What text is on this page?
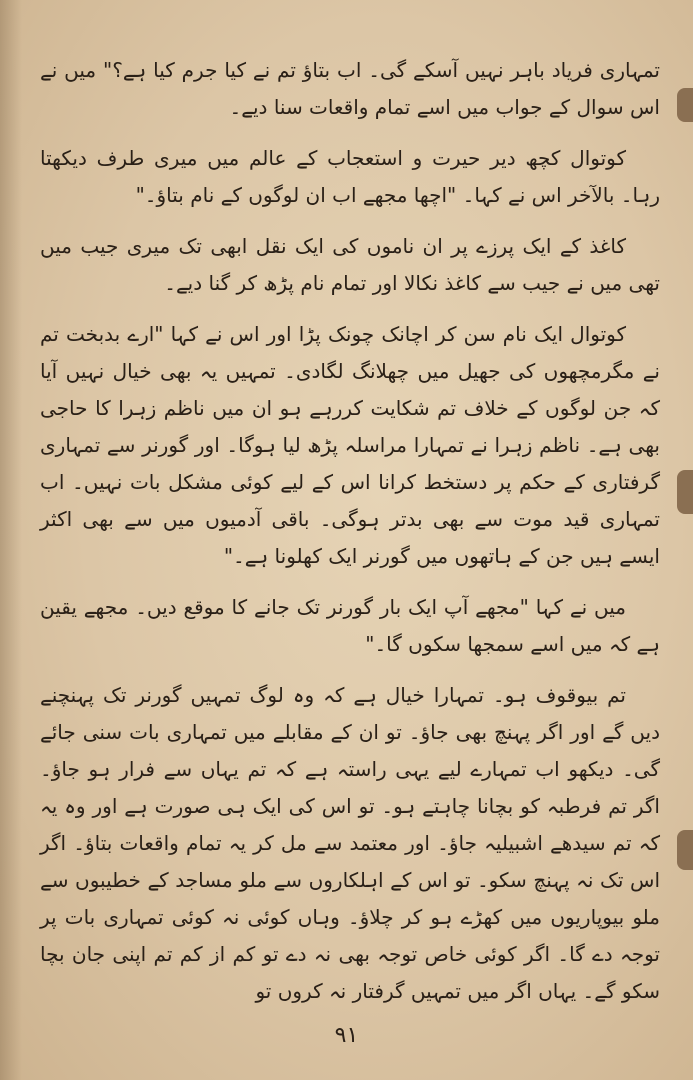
تمہاری فریاد باہر نہیں آسکے گی۔ اب بتاؤ تم نے کیا جرم کیا ہے؟" میں نے اس سوال کے جواب میں اسے تمام واقعات سنا دیے۔

کوتوال کچھ دیر حیرت و استعجاب کے عالم میں میری طرف دیکھتا رہا۔ بالآخر اس نے کہا۔ "اچھا مجھے اب ان لوگوں کے نام بتاؤ۔"

کاغذ کے ایک پرزے پر ان ناموں کی ایک نقل ابھی تک میری جیب میں تھی میں نے جیب سے کاغذ نکالا اور تمام نام پڑھ کر گنا دیے۔

کوتوال ایک نام سن کر اچانک چونک پڑا اور اس نے کہا "ارے بدبخت تم نے مگرمچھوں کی جھیل میں چھلانگ لگادی۔ تمہیں یہ بھی خیال نہیں آیا کہ جن لوگوں کے خلاف تم شکایت کررہے ہو ان میں ناظم زہرا کا حاجی بھی ہے۔ ناظم زہرا نے تمہارا مراسلہ پڑھ لیا ہوگا۔ اور گورنر سے تمہاری گرفتاری کے حکم پر دستخط کرانا اس کے لیے کوئی مشکل بات نہیں۔ اب تمہاری قید موت سے بھی بدتر ہوگی۔ باقی آدمیوں میں سے بھی اکثر ایسے ہیں جن کے ہاتھوں میں گورنر ایک کھلونا ہے۔"

میں نے کہا "مجھے آپ ایک بار گورنر تک جانے کا موقع دیں۔ مجھے یقین ہے کہ میں اسے سمجھا سکوں گا۔"

تم بیوقوف ہو۔ تمہارا خیال ہے کہ وہ لوگ تمہیں گورنر تک پہنچنے دیں گے اور اگر پہنچ بھی جاؤ۔ تو ان کے مقابلے میں تمہاری بات سنی جائے گی۔ دیکھو اب تمہارے لیے یہی راستہ ہے کہ تم یہاں سے فرار ہو جاؤ۔ اگر تم فرطبہ کو بچانا چاہتے ہو۔ تو اس کی ایک ہی صورت ہے اور وہ یہ کہ تم سیدھے اشبیلیہ جاؤ۔ اور معتمد سے مل کر یہ تمام واقعات بتاؤ۔ اگر اس تک نہ پہنچ سکو۔ تو اس کے اہلکاروں سے ملو مساجد کے خطیبوں سے ملو بیوپاریوں میں کھڑے ہو کر چلاؤ۔ وہاں کوئی نہ کوئی تمہاری بات پر توجہ دے گا۔ اگر کوئی خاص توجہ بھی نہ دے تو کم از کم تم اپنی جان بچا سکو گے۔ یہاں اگر میں تمہیں گرفتار نہ کروں تو

۹۱
